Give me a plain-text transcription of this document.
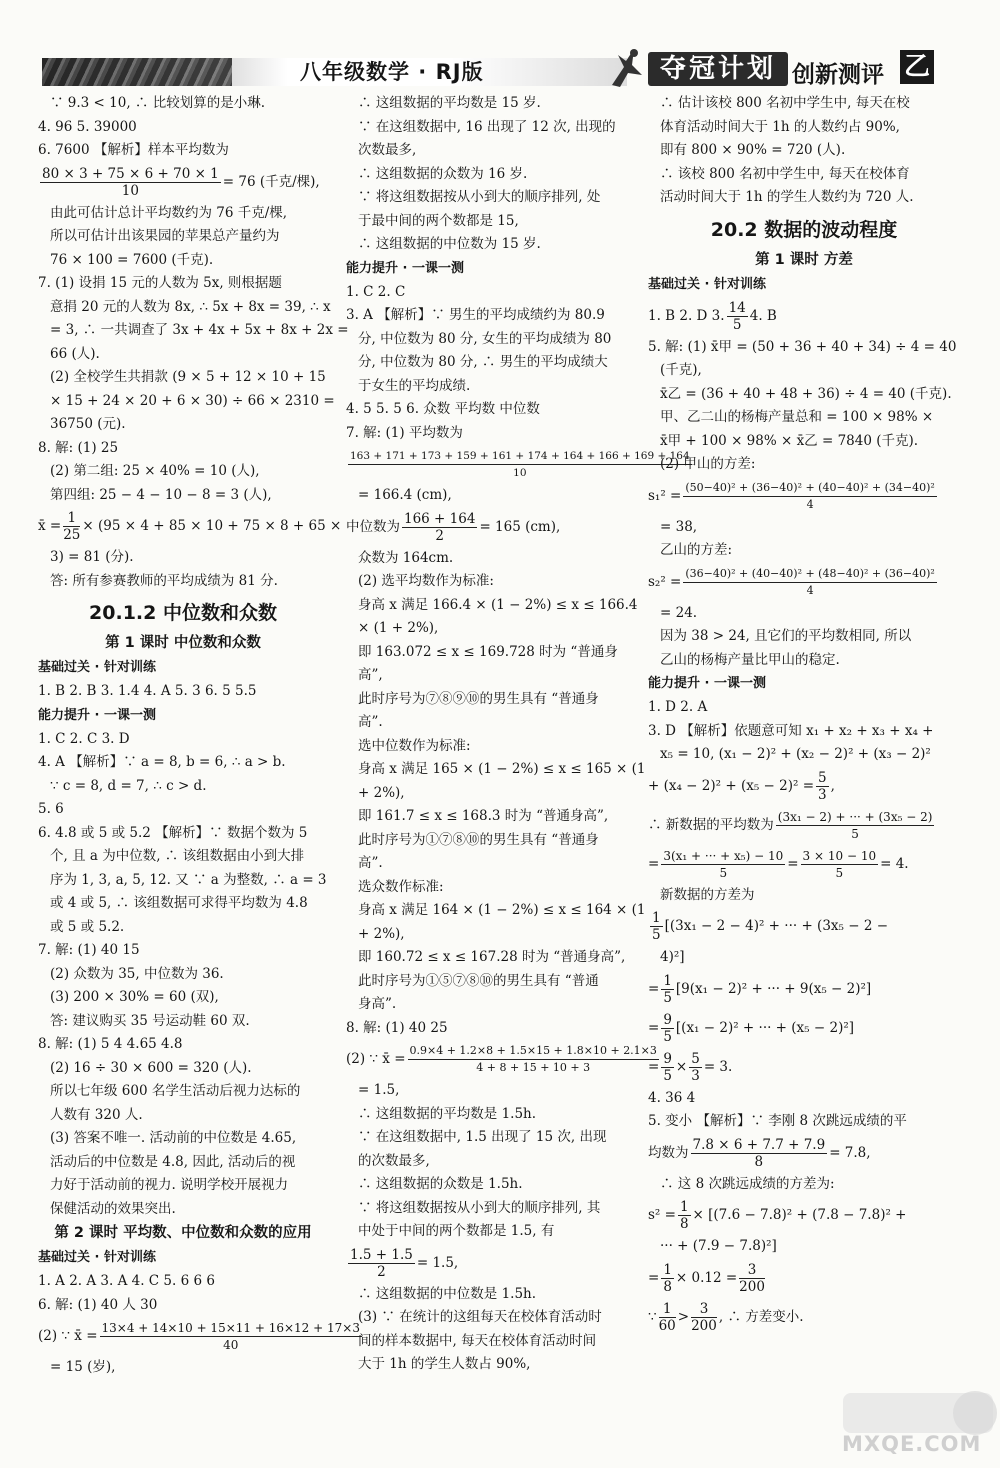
八年级数学 · RJ版	夺冠计划 创新测评 乙
∵ 9.3 < 10, ∴ 比较划算的是小琳.
4. 96 5. 39000
6. 7600 【解析】样本平均数为
$\frac{80 \times 3 + 75 \times 6 + 70 \times 1}{10} = 76$ (千克/棵),
由此可估计总计平均数约为 76 千克/棵,
所以可估计出该果园的苹果总产量约为
76 × 100 = 7600 (千克).
7. (1) 设捐 15 元的人数为 5x, 则根据题
意捐 20 元的人数为 8x, ∴ 5x + 8x = 39, ∴ x
= 3, ∴ 一共调查了 3x + 4x + 5x + 8x + 2x =
66 (人).
(2) 全校学生共捐款 (9 × 5 + 12 × 10 + 15
× 15 + 24 × 20 + 6 × 30) ÷ 66 × 2310 =
36750 (元).
8. 解: (1) 25
(2) 第二组: 25 × 40% = 10 (人),
第四组: 25 − 4 − 10 − 8 = 3 (人),
x̄ = $\frac{1}{25} \times (95 \times 4 + 85 \times 10 + 75 \times 8 + 65$ ×
3) = 81 (分).
答: 所有参赛教师的平均成绩为 81 分.
20.1.2 中位数和众数
第 1 课时 中位数和众数
基础过关 · 针对训练
1. B 2. B 3. 1.4 4. A 5. 3 6. 5 5.5
能力提升 · 一课一测
1. C 2. C 3. D
4. A 【解析】∵ a = 8, b = 6, ∴ a > b.
∵ c = 8, d = 7, ∴ c > d.
5. 6
6. 4.8 或 5 或 5.2 【解析】∵ 数据个数为 5
个, 且 a 为中位数, ∴ 该组数据由小到大排
序为 1, 3, a, 5, 12. 又 ∵ a 为整数, ∴ a = 3
或 4 或 5, ∴ 该组数据可求得平均数为 4.8
或 5 或 5.2.
7. 解: (1) 40 15
(2) 众数为 35, 中位数为 36.
(3) 200 × 30% = 60 (双),
答: 建议购买 35 号运动鞋 60 双.
8. 解: (1) 5 4 4.65 4.8
(2) 16 ÷ 30 × 600 = 320 (人).
所以七年级 600 名学生活动后视力达标的
人数有 320 人.
(3) 答案不唯一. 活动前的中位数是 4.65,
活动后的中位数是 4.8, 因此, 活动后的视
力好于活动前的视力. 说明学校开展视力
保健活动的效果突出.
第 2 课时 平均数、中位数和众数的应用
基础过关 · 针对训练
1. A 2. A 3. A 4. C 5. 6 6 6
6. 解: (1) 40 人 30
(2) ∵ x̄ = $\frac{13\times 4 + 14\times 10 + 15\times 11 + 16\times 12 + 17\times 3}{40}$
= 15 (岁),
∴ 这组数据的平均数是 15 岁.
∵ 在这组数据中, 16 出现了 12 次, 出现的
次数最多,
∴ 这组数据的众数为 16 岁.
∵ 将这组数据按从小到大的顺序排列, 处
于最中间的两个数都是 15,
∴ 这组数据的中位数为 15 岁.
能力提升 · 一课一测
1. C 2. C
3. A 【解析】∵ 男生的平均成绩约为 80.9
分, 中位数为 80 分, 女生的平均成绩为 80
分, 中位数为 80 分, ∴ 男生的平均成绩大
于女生的平均成绩.
4. 5 5. 5 6. 众数 平均数 中位数
7. 解: (1) 平均数为
$\frac{163 + 171 + 173 + 159 + 161 + 174 + 164 + 166 + 169 + 164}{10}$
= 166.4 (cm),
中位数为 $\frac{166 + 164}{2} = 165$ (cm),
众数为 164cm.
(2) 选平均数作为标准:
身高 x 满足 166.4 × (1 − 2%) ≤ x ≤ 166.4
× (1 + 2%),
即 163.072 ≤ x ≤ 169.728 时为 “普通身
高”,
此时序号为⑦⑧⑨⑩的男生具有 “普通身
高”.
选中位数作为标准:
身高 x 满足 165 × (1 − 2%) ≤ x ≤ 165 × (1
+ 2%),
即 161.7 ≤ x ≤ 168.3 时为 “普通身高”,
此时序号为①⑦⑧⑩的男生具有 “普通身
高”.
选众数作标准:
身高 x 满足 164 × (1 − 2%) ≤ x ≤ 164 × (1
+ 2%),
即 160.72 ≤ x ≤ 167.28 时为 “普通身高”,
此时序号为①⑤⑦⑧⑩的男生具有 “普通
身高”.
8. 解: (1) 40 25
(2) ∵ x̄ = $\frac{0.9\times 4 + 1.2\times 8 + 1.5\times 15 + 1.8\times 10 + 2.1\times 3}{4 + 8 + 15 + 10 + 3}$
= 1.5,
∴ 这组数据的平均数是 1.5h.
∵ 在这组数据中, 1.5 出现了 15 次, 出现
的次数最多,
∴ 这组数据的众数是 1.5h.
∵ 将这组数据按从小到大的顺序排列, 其
中处于中间的两个数都是 1.5, 有
$\frac{1.5 + 1.5}{2} = 1.5$,
∴ 这组数据的中位数是 1.5h.
(3) ∵ 在统计的这组每天在校体育活动时
间的样本数据中, 每天在校体育活动时间
大于 1h 的学生人数占 90%,
∴ 估计该校 800 名初中学生中, 每天在校
体育活动时间大于 1h 的人数约占 90%,
即有 800 × 90% = 720 (人).
∴ 该校 800 名初中学生中, 每天在校体育
活动时间大于 1h 的学生人数约为 720 人.
20.2 数据的波动程度
第 1 课时 方差
基础过关 · 针对训练
1. B 2. D 3. $\frac{14}{5} 4$. B
5. 解: (1) x̄甲 = (50 + 36 + 40 + 34) ÷ 4 = 40
(千克),
x̄乙 = (36 + 40 + 48 + 36) ÷ 4 = 40 (千克).
甲、乙二山的杨梅产量总和 = 100 × 98% ×
x̄甲 + 100 × 98% × x̄乙 = 7840 (千克).
(2) 甲山的方差:
$s_1^2 = \frac{\text{(50−40)² + (36−40)² + (40−40)² + (34−40)²}}{4}$
= 38,
乙山的方差:
$s_2^2 = \frac{\text{(36−40)² + (40−40)² + (48−40)² + (36−40)²}}{4}$
= 24.
因为 38 > 24, 且它们的平均数相同, 所以
乙山的杨梅产量比甲山的稳定.
能力提升 · 一课一测
1. D 2. A
3. D 【解析】依题意可知 x₁ + x₂ + x₃ + x₄ +
x₅ = 10, (x₁ − 2)² + (x₂ − 2)² + (x₃ − 2)²
+ $(x_4 - 2)^2 + (x_5 - 2)^2 = \frac{5}{3}$ ,
∴ 新数据的平均数为 $\frac{\text{(3x₁ − 2) + ··· + (3x₅ − 2)}}{5}$
= $\frac{\text{3(x₁ + ··· + x₅) − 10}}{5} = \frac{3 \times 10 - 10}{5} = 4$.
新数据的方差为
$\frac{1}{5} [(3x_1 - 2 - 4)^2$ + ··· + (3x₅ − 2 −
4)²]
= $\frac{1}{5} [9(x_1 - 2)^2$ + ··· + 9(x₅ − 2)²]
= $\frac{9}{5} [(x_1 - 2)^2$ + ··· + (x₅ − 2)²]
= $\frac{9}{5} \times \frac{5}{3} = 3$.
4. 36 4
5. 变小 【解析】∵ 李刚 8 次跳远成绩的平
均数为 $\frac{7.8 \times 6 + 7.7 + 7.9}{8} = 7.8$,
∴ 这 8 次跳远成绩的方差为:
$s^2 = \frac{1}{8} \times [(7.6 - 7.8)^2 + (7.8 - 7.8)^2$ +
··· + (7.9 − 7.8)²]
= $\frac{1}{8} \times 0.12 = \frac{3}{200}$
∵ $\frac{1}{60} > \frac{3}{200}$ , ∴ 方差变小.
MXQE.COM
